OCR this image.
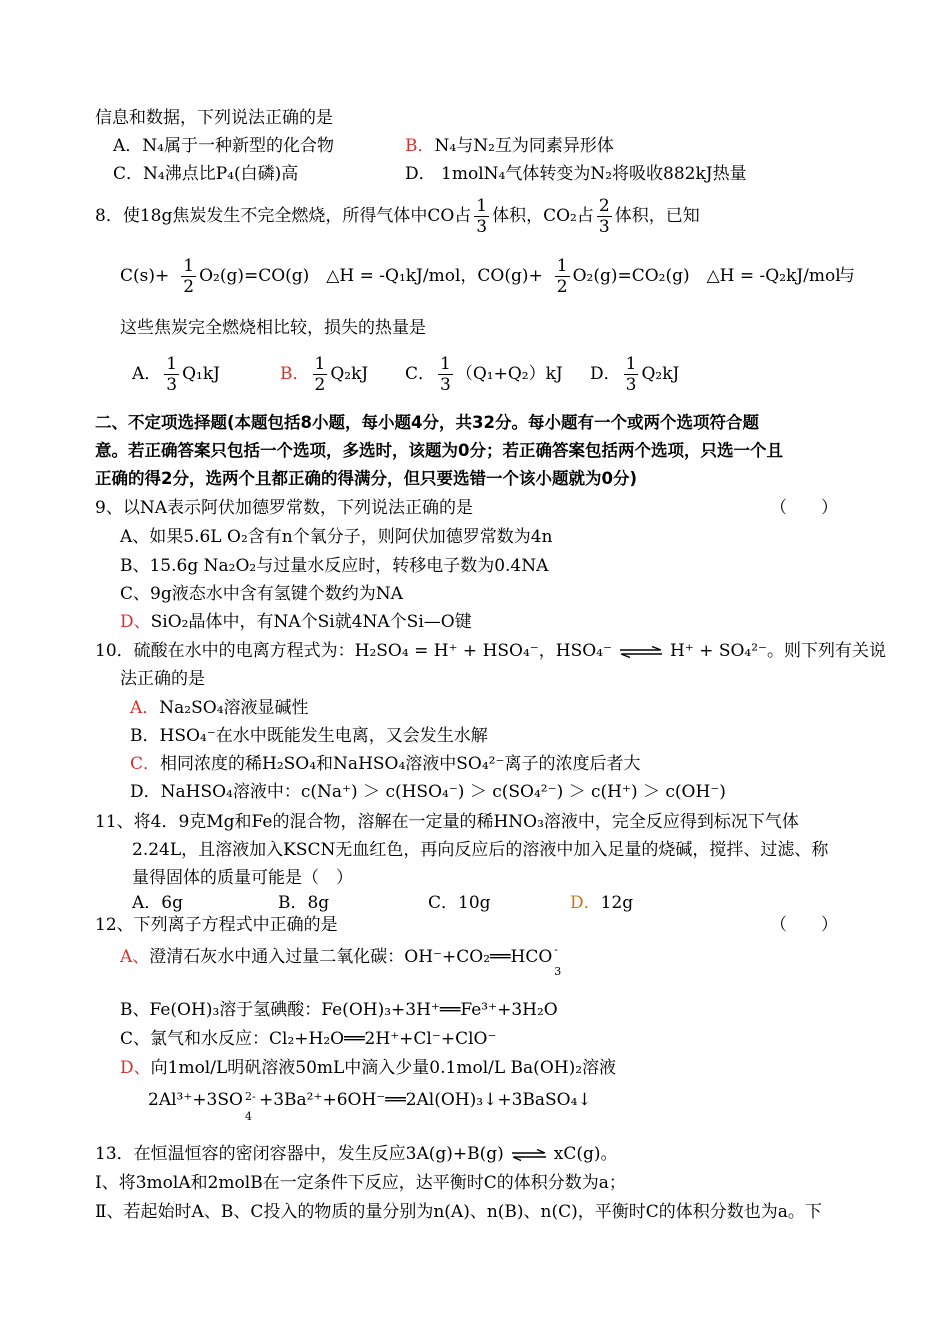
信息和数据，下列说法正确的是
A．N₄属于一种新型的化合物	B．N₄与N₂互为同素异形体
C．N₄沸点比P₄(白磷)高	D． 1molN₄气体转变为N₂将吸收882kJ热量
8．使18g焦炭发生不完全燃烧，所得气体中CO占 $\frac{1}{3}$ 体积，CO₂占 $\frac{2}{3}$ 体积，已知
$C(s)+ \frac{1}{2} O_2(g)=CO(g)$　△H = -Q₁kJ/mol，$CO(g)+ \frac{1}{2} O_2(g)=CO_2(g)$　△H = -Q₂kJ/mol
与
这些焦炭完全燃烧相比较，损失的热量是
A． $\frac{1}{3} Q_1kJ$	B． $\frac{1}{2} Q_2kJ$ C． $\frac{1}{3} (Q_1+Q_2)kJ$ D． $\frac{1}{3} Q_2kJ$
二、不定项选择题(本题包括8小题，每小题4分，共32分。每小题有一个或两个选项符合题
意。若正确答案只包括一个选项，多选时，该题为0分；若正确答案包括两个选项，只选一个且
正确的得2分，选两个且都正确的得满分，但只要选错一个该小题就为0分)
9、以NA表示阿伏加德罗常数，下列说法正确的是	（　　）
A、如果5.6L O₂含有n个氧分子，则阿伏加德罗常数为4n
B、15.6g Na₂O₂与过量水反应时，转移电子数为0.4NA
C、9g液态水中含有氢键个数约为NA
D、SiO₂晶体中，有NA个Si就4NA个Si—O键
10．硫酸在水中的电离方程式为：H₂SO₄ = H⁺ + HSO₄⁻，HSO₄⁻ ⇌ H⁺ + SO₄²⁻。则下列有关说
法正确的是
A．Na₂SO₄溶液显碱性
B．HSO₄⁻在水中既能发生电离，又会发生水解
C．相同浓度的稀H₂SO₄和NaHSO₄溶液中SO₄²⁻离子的浓度后者大
D．NaHSO₄溶液中：c(Na⁺) ＞ c(HSO₄⁻) ＞ c(SO₄²⁻) ＞ c(H⁺) ＞ c(OH⁻)
11、将4．9克Mg和Fe的混合物，溶解在一定量的稀HNO₃溶液中，完全反应得到标况下气体
2.24L，且溶液加入KSCN无血红色，再向反应后的溶液中加入足量的烧碱，搅拌、过滤、称
量得固体的质量可能是（　）
A．6g	B．8g	C．10g	D．12g
12、下列离子方程式中正确的是	（　　）
A、澄清石灰水中通入过量二氧化碳：OH⁻+CO₂══HCO -
3
B、Fe(OH)₃溶于氢碘酸：Fe(OH)₃+3H⁺══Fe³⁺+3H₂O
C、氯气和水反应：Cl₂+H₂O══2H⁺+Cl⁻+ClO⁻
D、向1mol/L明矾溶液50mL中滴入少量0.1mol/L Ba(OH)₂溶液
2Al³⁺+3SO 2-
4
+3Ba²⁺+6OH⁻══2Al(OH)₃↓+3BaSO₄↓
13．在恒温恒容的密闭容器中，发生反应3A(g)+B(g) ⇌ xC(g)。
Ⅰ、将3molA和2molB在一定条件下反应，达平衡时C的体积分数为a；
Ⅱ、若起始时A、B、C投入的物质的量分别为n(A)、n(B)、n(C)，平衡时C的体积分数也为a。下
